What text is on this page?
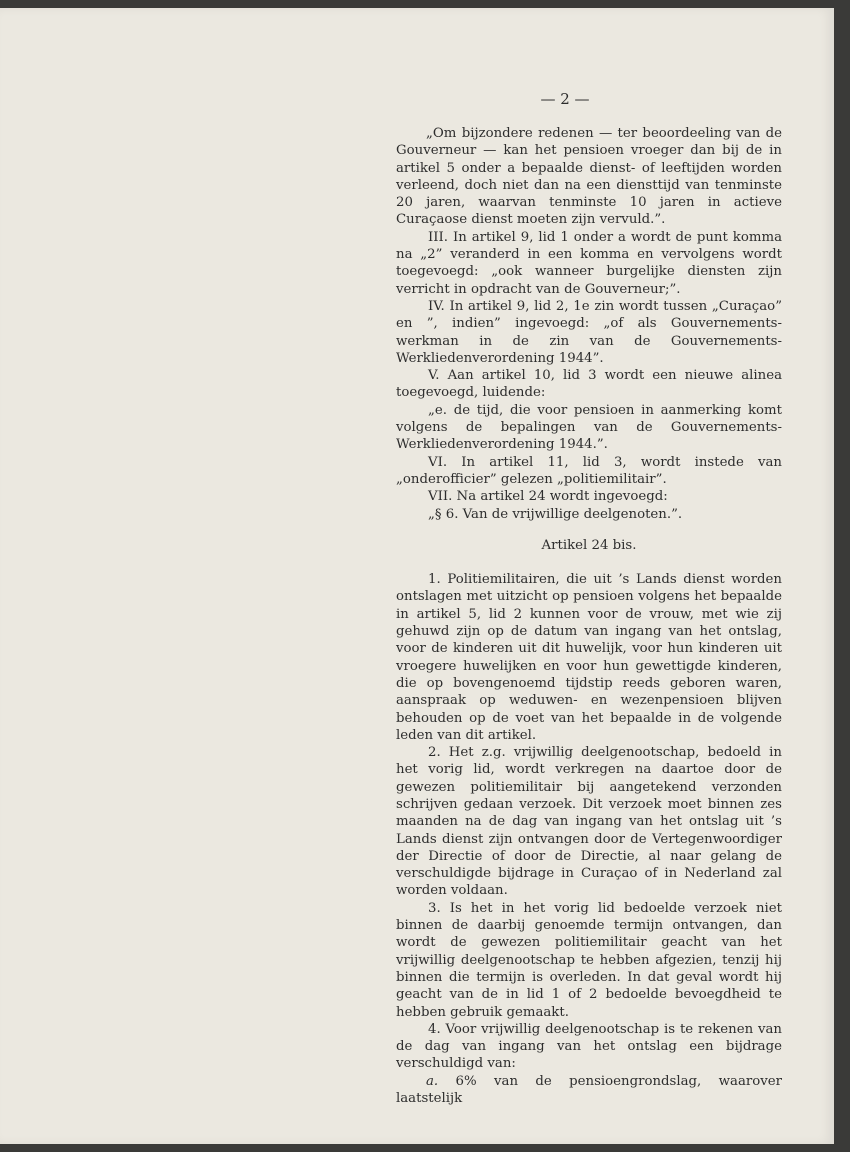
— 2 —

„Om bijzondere redenen — ter beoordeeling van de Gouverneur — kan het pensioen vroeger dan bij de in artikel 5 onder a bepaalde dienst- of leeftijden worden verleend, doch niet dan na een diensttijd van tenminste 20 jaren, waarvan tenminste 10 jaren in actieve Curaçaose dienst moeten zijn vervuld.”.

III. In artikel 9, lid 1 onder a wordt de punt komma na „2” veranderd in een komma en vervolgens wordt toegevoegd: „ook wanneer burgelijke diensten zijn verricht in opdracht van de Gouverneur;”.

IV. In artikel 9, lid 2, 1e zin wordt tussen „Curaçao” en ”, indien” ingevoegd: „of als Gouvernements-werkman in de zin van de Gouvernements-Werkliedenverordening 1944”.

V. Aan artikel 10, lid 3 wordt een nieuwe alinea toegevoegd, luidende:

„e. de tijd, die voor pensioen in aanmerking komt volgens de bepalingen van de Gouvernements-Werkliedenverordening 1944.”.

VI. In artikel 11, lid 3, wordt instede van „onderofficier” gelezen „politiemilitair”.

VII. Na artikel 24 wordt ingevoegd:

„§ 6. Van de vrijwillige deelgenoten.”.

Artikel 24 bis.

1. Politiemilitairen, die uit ’s Lands dienst worden ontslagen met uitzicht op pensioen volgens het bepaalde in artikel 5, lid 2 kunnen voor de vrouw, met wie zij gehuwd zijn op de datum van ingang van het ontslag, voor de kinderen uit dit huwelijk, voor hun kinderen uit vroegere huwelijken en voor hun gewettigde kinderen, die op bovengenoemd tijdstip reeds geboren waren, aanspraak op weduwen- en wezenpensioen blijven behouden op de voet van het bepaalde in de volgende leden van dit artikel.

2. Het z.g. vrijwillig deelgenootschap, bedoeld in het vorig lid, wordt verkregen na daartoe door de gewezen politiemilitair bij aangetekend verzonden schrijven gedaan verzoek. Dit verzoek moet binnen zes maanden na de dag van ingang van het ontslag uit ’s Lands dienst zijn ontvangen door de Vertegenwoordiger der Directie of door de Directie, al naar gelang de verschuldigde bijdrage in Curaçao of in Nederland zal worden voldaan.

3. Is het in het vorig lid bedoelde verzoek niet binnen de daarbij genoemde termijn ontvangen, dan wordt de gewezen politiemilitair geacht van het vrijwillig deelgenootschap te hebben afgezien, tenzij hij binnen die termijn is overleden. In dat geval wordt hij geacht van de in lid 1 of 2 bedoelde bevoegdheid te hebben gebruik gemaakt.

4. Voor vrijwillig deelgenootschap is te rekenen van de dag van ingang van het ontslag een bijdrage verschuldigd van:

a. 6% van de pensioengrondslag, waarover laatstelijk
